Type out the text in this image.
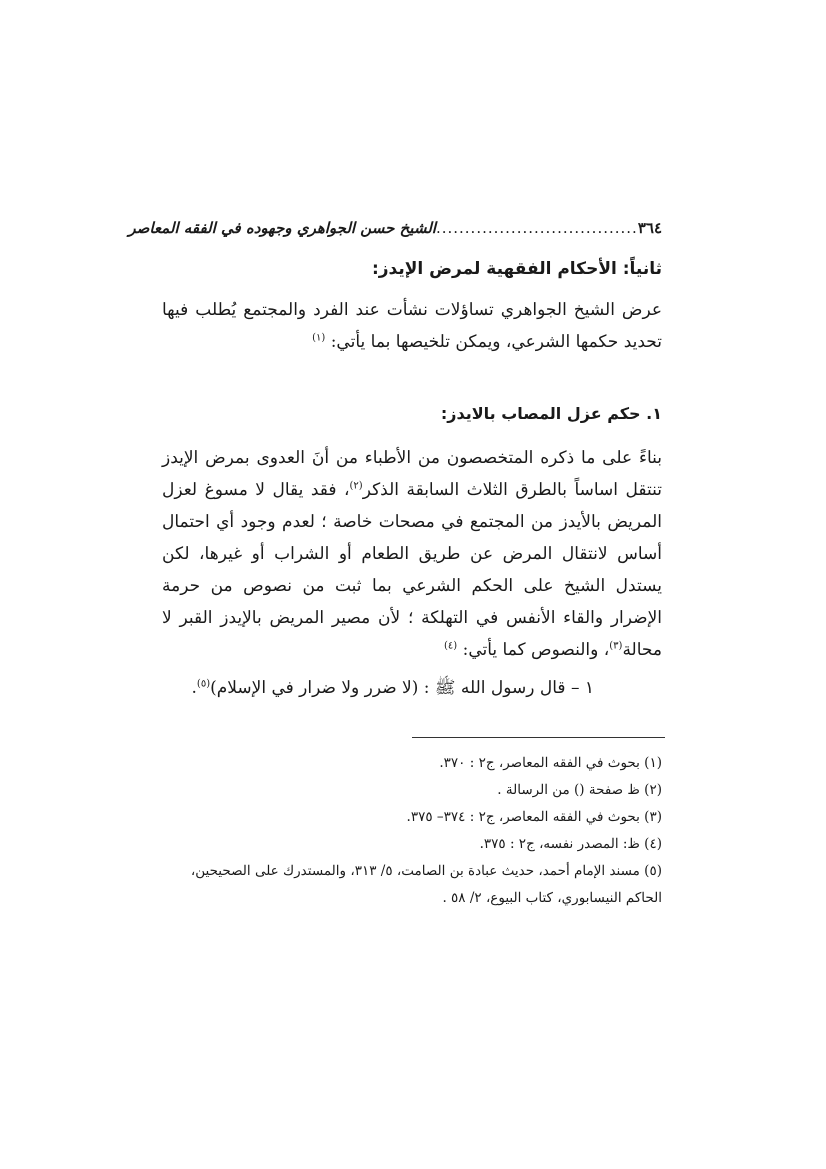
٣٦٤
...................................
الشيخ حسن الجواهري وجهوده في الفقه المعاصر
ثانياً: الأحكام الفقهية لمرض الإيدز:
عرض الشيخ الجواهري تساؤلات نشأت عند الفرد والمجتمع يُطلب فيها تحديد حكمها الشرعي، ويمكن تلخيصها بما يأتي: $^{(١)}$
١. حكم عزل المصاب بالايدز:
بناءً على ما ذكره المتخصصون من الأطباء من أنَ العدوى بمرض الإيدز تنتقل اساساً بالطرق الثلاث السابقة الذكر$^{(٢)}$، فقد يقال لا مسوغ لعزل المريض بالأيدز من المجتمع في مصحات خاصة ؛ لعدم وجود أي احتمال أساس لانتقال المرض عن طريق الطعام أو الشراب أو غيرها، لكن يستدل الشيخ على الحكم الشرعي بما ثبت من نصوص من حرمة الإضرار والقاء الأنفس في التهلكة ؛ لأن مصير المريض بالإيدز القبر لا محالة$^{(٣)}$، والنصوص كما يأتي: $^{(٤)}$
١ – قال رسول الله ﷺ : (لا ضرر ولا ضرار في الإسلام)$^{(٥)}$.

(١) بحوث في الفقه المعاصر، ج٢ : ٣٧٠.

(٢) ظ صفحة () من الرسالة .

(٣) بحوث في الفقه المعاصر، ج٢ : ٣٧٤– ٣٧٥.

(٤) ظ: المصدر نفسه، ج٢ : ٣٧٥.

(٥) مسند الإمام أحمد، حديث عبادة بن الصامت، ٥/ ٣١٣، والمستدرك على الصحيحين، الحاكم النيسابوري، كتاب البيوع، ٢/ ٥٨ .
